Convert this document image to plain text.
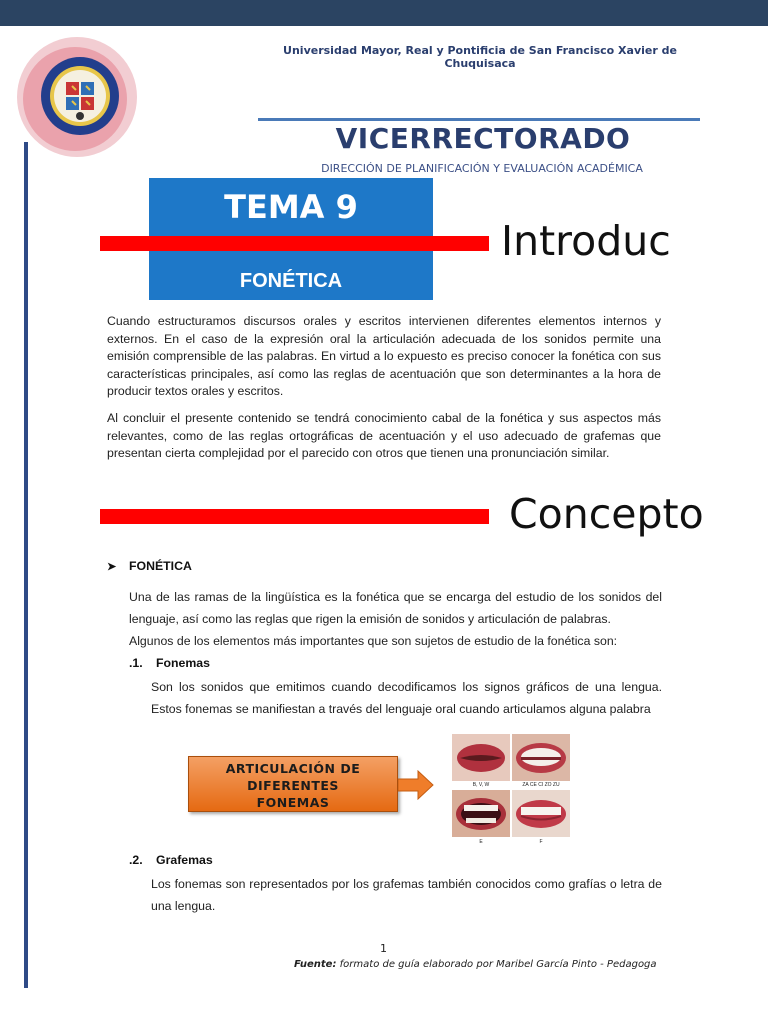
Universidad Mayor, Real y Pontificia de San Francisco Xavier de Chuquisaca
VICERRECTORADO
DIRECCIÓN DE PLANIFICACIÓN Y EVALUACIÓN ACADÉMICA
TEMA 9
FONÉTICA
Introduc

Cuando estructuramos discursos orales y escritos intervienen diferentes elementos internos y externos. En el caso de la expresión oral la articulación adecuada de los sonidos permite una emisión comprensible de las palabras. En virtud a lo expuesto es preciso conocer la fonética con sus características principales, así como las reglas de acentuación que son determinantes a la hora de producir textos orales y escritos.

Al concluir el presente contenido se tendrá conocimiento cabal de la fonética y sus aspectos más relevantes, como de las reglas ortográficas de acentuación y el uso adecuado de grafemas que presentan cierta complejidad por el parecido con otros que tienen una pronunciación similar.

Concepto
➤ FONÉTICA

Una de las ramas de la lingüística es la fonética que se encarga del estudio de los sonidos del lenguaje, así como las reglas que rigen la emisión de sonidos y articulación de palabras.

Algunos de los elementos más importantes que son sujetos de estudio de la fonética son:

.1. Fonemas

Son los sonidos que emitimos cuando decodificamos los signos gráficos de una lengua. Estos fonemas se manifiestan a través del lenguaje oral cuando articulamos alguna palabra

ARTICULACIÓN DE
DIFERENTES
FONEMAS
B, V, W	ZA CE CI ZO ZU
E	F
.2. Grafemas

Los fonemas son representados por los grafemas también conocidos como grafías o letra de una lengua.

1
Fuente: formato de guía elaborado por Maribel García Pinto - Pedagoga
